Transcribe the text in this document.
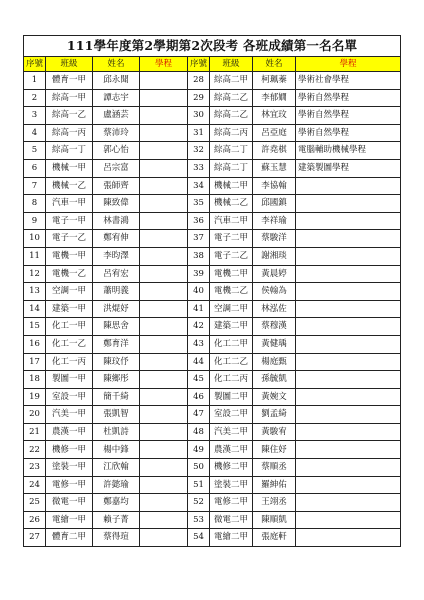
111學年度第2學期第2次段考 各班成績第一名名單							
序號	班級	姓名	學程	序號	班級	姓名	學程
1	體育一甲	邱永聞		28	綜高二甲	柯珮蓁	學術社會學程
2	綜高一甲	譚志宇		29	綜高二乙	李郁嫺	學術自然學程
3	綜高一乙	盧涵芸		30	綜高二乙	林宜玟	學術自然學程
4	綜高一丙	蔡沛玲		31	綜高二丙	呂亞庭	學術自然學程
5	綜高一丁	郭心怡		32	綜高二丁	許堯棋	電腦輔助機械學程
6	機械一甲	呂宗富		33	綜高二丁	蘇玉慧	建築製圖學程
7	機械一乙	張師齊		34	機械二甲	李協翰	
8	汽車一甲	陳致偉		35	機械二乙	邱國鎮	
9	電子一甲	林書鴻		36	汽車二甲	李祥瑜	
10	電子一乙	鄭宥伸		37	電子二甲	蔡駿洋	
11	電機一甲	李昀澤		38	電子二乙	謝湘琰	
12	電機一乙	呂宥宏		39	電機二甲	黃晨婷	
13	空調一甲	蕭明義		40	電機二乙	侯翰為	
14	建築一甲	洪焜妤		41	空調二甲	林泓佐	
15	化工一甲	陳思舍		42	建築二甲	蔡穆漢	
16	化工一乙	鄭育洋		43	化工二甲	黃健瑀	
17	化工一丙	陳玟伃		44	化工二乙	楊庭甄	
18	製圖一甲	陳鄉彤		45	化工二丙	孫毓凱	
19	室設一甲	簡千綺		46	製圖二甲	黃婉文	
20	汽美一甲	張凱智		47	室設二甲	劉孟綺	
21	農漢一甲	杜凱詩		48	汽美二甲	黃駿宥	
22	機修一甲	楊中鋒		49	農漢二甲	陳住妤	
23	塗裝一甲	江欣翰		50	機修二甲	蔡順丞	
24	電修一甲	許懿瑜		51	塗裝二甲	羅紳佑	
25	微電一甲	鄭嘉均		52	電修二甲	王翊丞	
26	電繪一甲	賴子菁		53	微電二甲	陳順凱	
27	體育二甲	蔡得瑄		54	電繪二甲	張庭軒	
